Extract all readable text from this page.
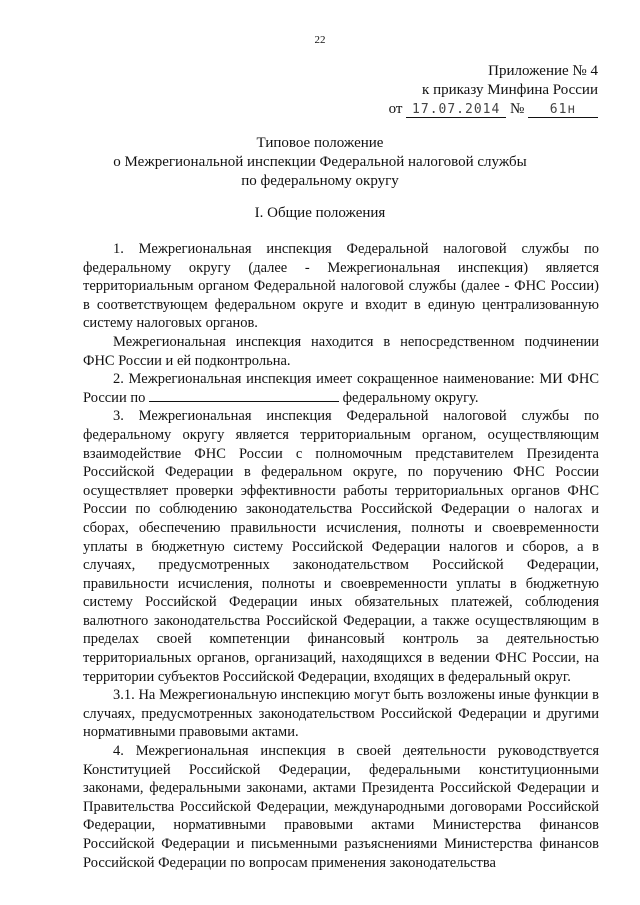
22
Приложение № 4
к приказу Минфина России
от 17.07.2014 № 61н
Типовое положение
о Межрегиональной инспекции Федеральной налоговой службы
по федеральному округу
I. Общие положения

1. Межрегиональная инспекция Федеральной налоговой службы по федеральному округу (далее - Межрегиональная инспекция) является территориальным органом Федеральной налоговой службы (далее - ФНС России) в соответствующем федеральном округе и входит в единую централизованную систему налоговых органов.

Межрегиональная инспекция находится в непосредственном подчинении ФНС России и ей подконтрольна.

2. Межрегиональная инспекция имеет сокращенное наименование: МИ ФНС России по	федеральному округу.

3. Межрегиональная инспекция Федеральной налоговой службы по федеральному округу является территориальным органом, осуществляющим взаимодействие ФНС России с полномочным представителем Президента Российской Федерации в федеральном округе, по поручению ФНС России осуществляет проверки эффективности работы территориальных органов ФНС России по соблюдению законодательства Российской Федерации о налогах и сборах, обеспечению правильности исчисления, полноты и своевременности уплаты в бюджетную систему Российской Федерации налогов и сборов, а в случаях, предусмотренных законодательством Российской Федерации, правильности исчисления, полноты и своевременности уплаты в бюджетную систему Российской Федерации иных обязательных платежей, соблюдения валютного законодательства Российской Федерации, а также осуществляющим в пределах своей компетенции финансовый контроль за деятельностью территориальных органов, организаций, находящихся в ведении ФНС России, на территории субъектов Российской Федерации, входящих в федеральный округ.

3.1. На Межрегиональную инспекцию могут быть возложены иные функции в случаях, предусмотренных законодательством Российской Федерации и другими нормативными правовыми актами.

4. Межрегиональная инспекция в своей деятельности руководствуется Конституцией Российской Федерации, федеральными конституционными законами, федеральными законами, актами Президента Российской Федерации и Правительства Российской Федерации, международными договорами Российской Федерации, нормативными правовыми актами Министерства финансов Российской Федерации и письменными разъяснениями Министерства финансов Российской Федерации по вопросам применения законодательства
